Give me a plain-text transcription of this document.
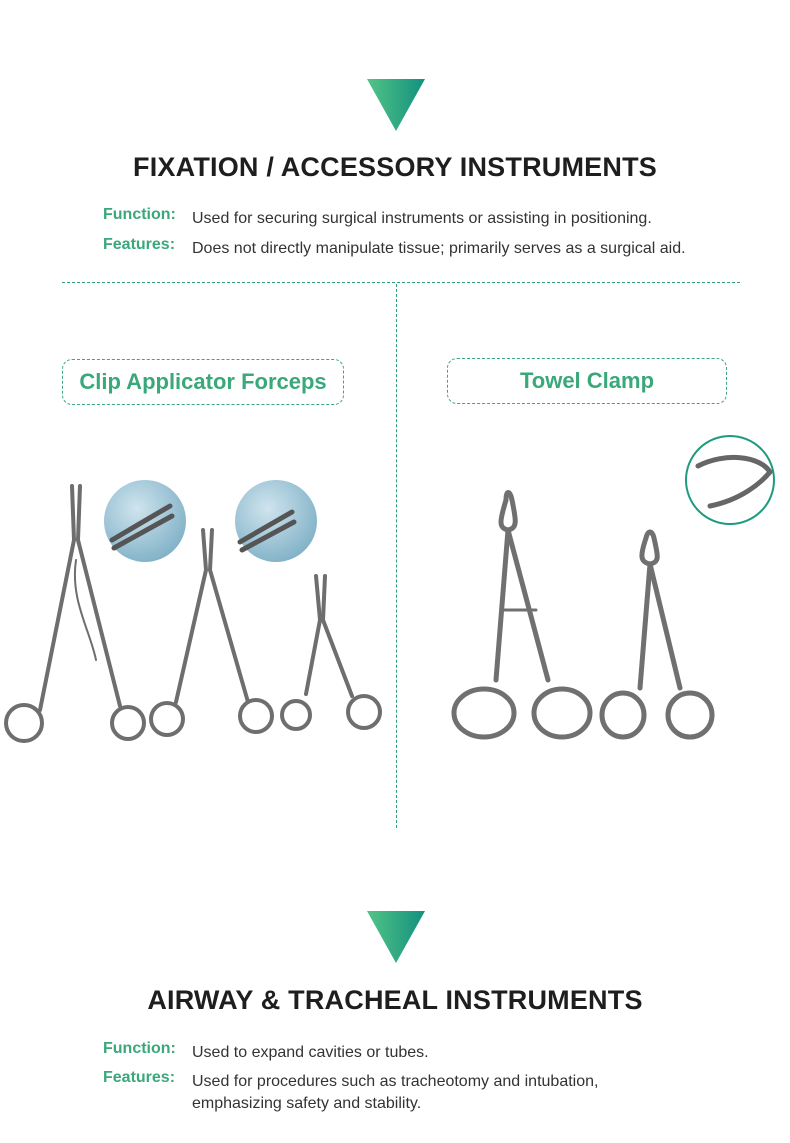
FIXATION / ACCESSORY INSTRUMENTS
Function: Used for securing surgical instruments or assisting in positioning.
Features: Does not directly manipulate tissue; primarily serves as a surgical aid.
Clip Applicator Forceps	Towel Clamp
AIRWAY & TRACHEAL INSTRUMENTS
Function: Used to expand cavities or tubes.
Features: Used for procedures such as tracheotomy and intubation,
emphasizing safety and stability.
